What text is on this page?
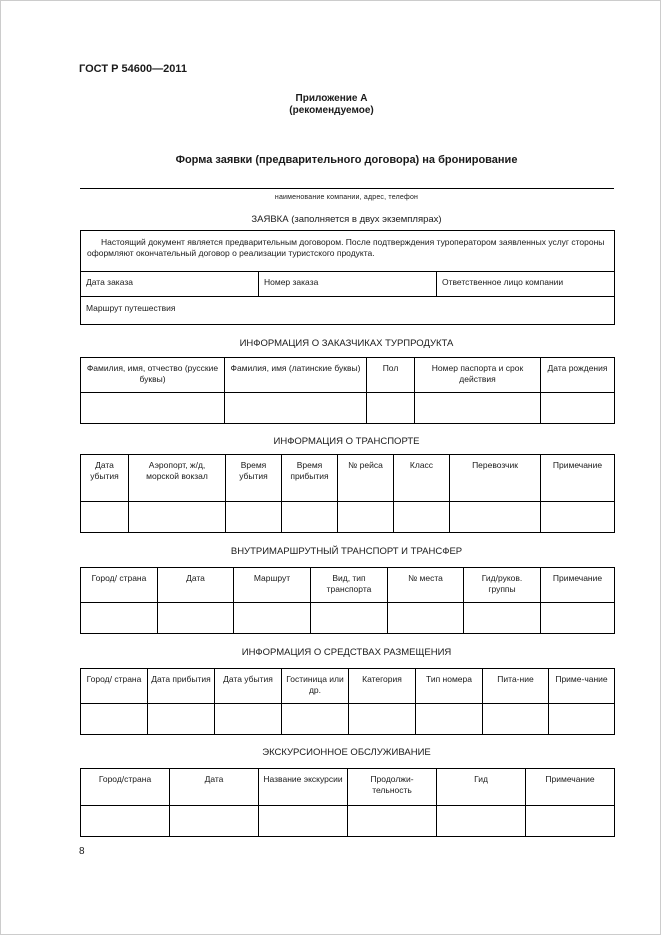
ГОСТ Р 54600—2011
Приложение А
(рекомендуемое)
Форма заявки (предварительного договора) на бронирование
наименование компании, адрес, телефон
ЗАЯВКА (заполняется в двух экземплярах)
Настоящий документ является предварительным договором. После подтверждения туроператором заявленных услуг стороны оформляют окончательный договор о реализации туристского продукта.
Дата заказа	Номер заказа	Ответственное лицо компании
Маршрут путешествия
ИНФОРМАЦИЯ О ЗАКАЗЧИКАХ ТУРПРОДУКТА
Фамилия, имя, отчество (русские буквы)	Фамилия, имя (латинские буквы)	Пол	Номер паспорта и срок действия	Дата рождения

ИНФОРМАЦИЯ О ТРАНСПОРТЕ
Дата убытия	Аэропорт, ж/д, морской вокзал	Время убытия	Время прибытия	№ рейса	Класс	Перевозчик	Примечание

ВНУТРИМАРШРУТНЫЙ ТРАНСПОРТ И ТРАНСФЕР
Город/ страна	Дата	Маршрут	Вид, тип транспорта	№ места	Гид/руков. группы	Примечание

ИНФОРМАЦИЯ О СРЕДСТВАХ РАЗМЕЩЕНИЯ
Город/ страна	Дата прибытия	Дата убытия	Гостиница или др.	Категория	Тип номера	Пита-ние	Приме-чание

ЭКСКУРСИОННОЕ ОБСЛУЖИВАНИЕ
Город/страна	Дата	Название экскурсии	Продолжи-тельность	Гид	Примечание

8
